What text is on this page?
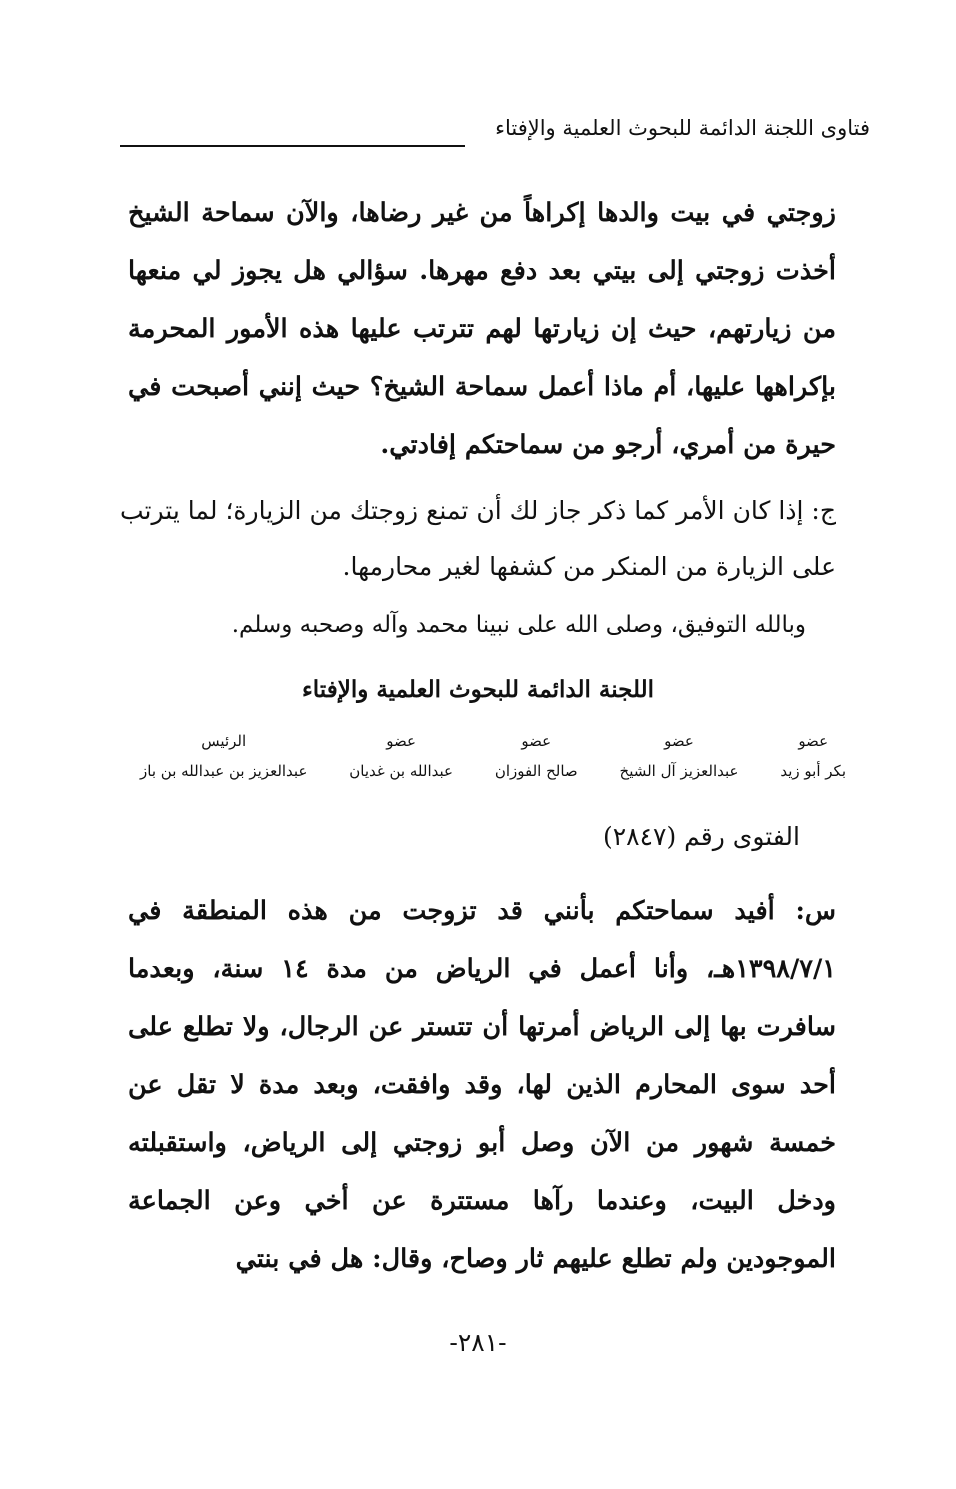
فتاوى اللجنة الدائمة للبحوث العلمية والإفتاء
زوجتي في بيت والدها إكراهاً من غير رضاها، والآن سماحة الشيخ أخذت زوجتي إلى بيتي بعد دفع مهرها. سؤالي هل يجوز لي منعها من زيارتهم، حيث إن زيارتها لهم تترتب عليها هذه الأمور المحرمة بإكراهها عليها، أم ماذا أعمل سماحة الشيخ؟ حيث إنني أصبحت في حيرة من أمري، أرجو من سماحتكم إفادتي.
ج: إذا كان الأمر كما ذكر جاز لك أن تمنع زوجتك من الزيارة؛ لما يترتب على الزيارة من المنكر من كشفها لغير محارمها.
وبالله التوفيق، وصلى الله على نبينا محمد وآله وصحبه وسلم.
اللجنة الدائمة للبحوث العلمية والإفتاء
عضو
بكر أبو زيد
عضو
عبدالعزيز آل الشيخ
عضو
صالح الفوزان
عضو
عبدالله بن غديان
الرئيس
عبدالعزيز بن عبدالله بن باز
الفتوى رقم (٢٨٤٧)
س: أفيد سماحتكم بأنني قد تزوجت من هذه المنطقة في ١٣٩٨/٧/١هـ، وأنا أعمل في الرياض من مدة ١٤ سنة، وبعدما سافرت بها إلى الرياض أمرتها أن تتستر عن الرجال، ولا تطلع على أحد سوى المحارم الذين لها، وقد وافقت، وبعد مدة لا تقل عن خمسة شهور من الآن وصل أبو زوجتي إلى الرياض، واستقبلته ودخل البيت، وعندما رآها مستترة عن أخي وعن الجماعة الموجودين ولم تطلع عليهم ثار وصاح، وقال: هل في بنتي
-٢٨١-
